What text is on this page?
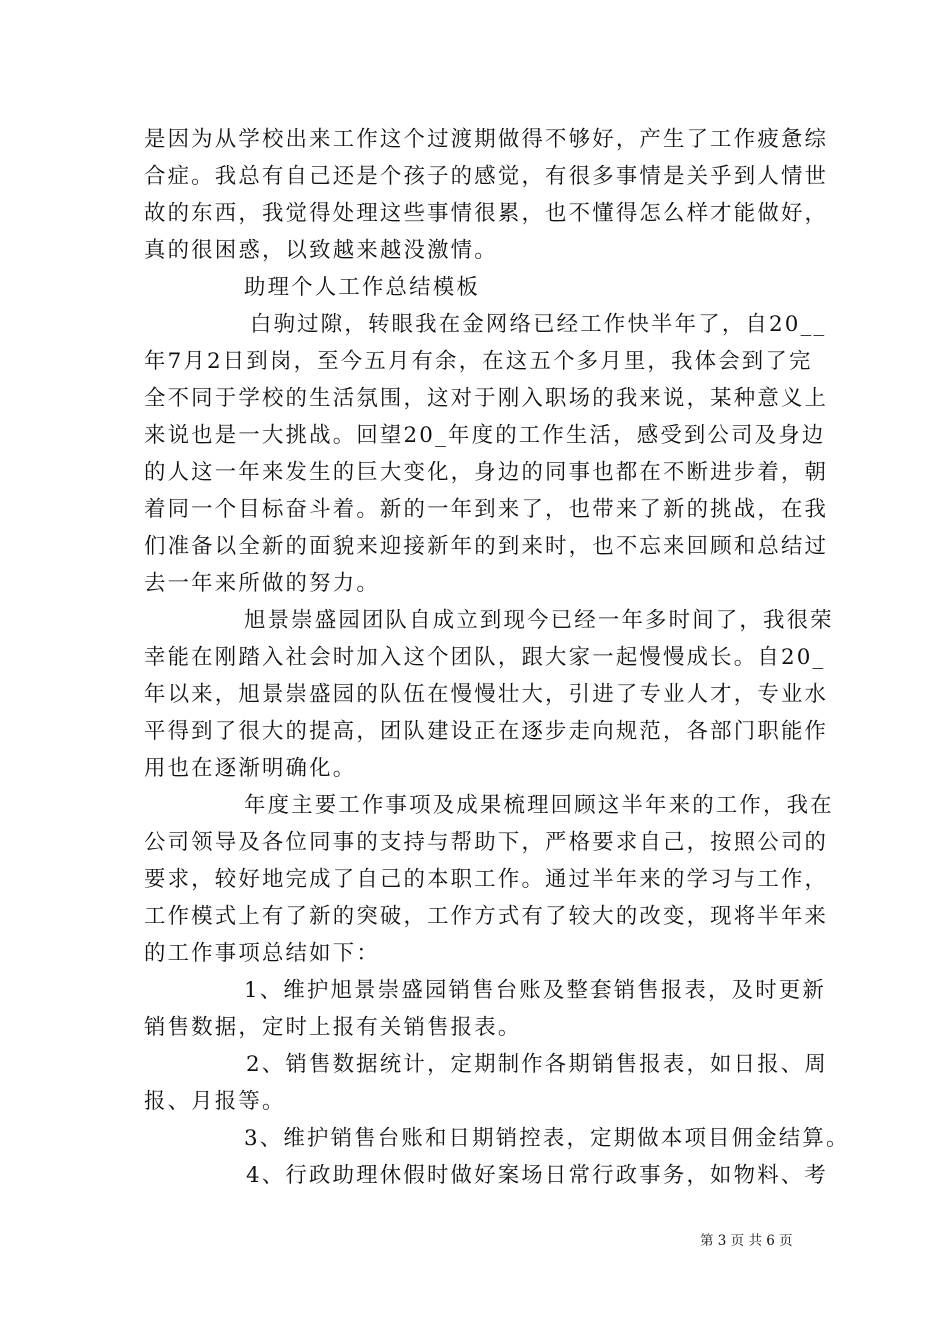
是因为从学校出来工作这个过渡期做得不够好，产生了工作疲惫综
合症。我总有自己还是个孩子的感觉，有很多事情是关乎到人情世
故的东西，我觉得处理这些事情很累，也不懂得怎么样才能做好，
真的很困惑，以致越来越没激情。
助理个人工作总结模板
白驹过隙，转眼我在金网络已经工作快半年了，自20__
年7月2日到岗，至今五月有余，在这五个多月里，我体会到了完
全不同于学校的生活氛围，这对于刚入职场的我来说，某种意义上
来说也是一大挑战。回望20_年度的工作生活，感受到公司及身边
的人这一年来发生的巨大变化，身边的同事也都在不断进步着，朝
着同一个目标奋斗着。新的一年到来了，也带来了新的挑战，在我
们准备以全新的面貌来迎接新年的到来时，也不忘来回顾和总结过
去一年来所做的努力。
旭景崇盛园团队自成立到现今已经一年多时间了，我很荣
幸能在刚踏入社会时加入这个团队，跟大家一起慢慢成长。自20_
年以来，旭景崇盛园的队伍在慢慢壮大，引进了专业人才，专业水
平得到了很大的提高，团队建设正在逐步走向规范，各部门职能作
用也在逐渐明确化。
年度主要工作事项及成果梳理回顾这半年来的工作，我在
公司领导及各位同事的支持与帮助下，严格要求自己，按照公司的
要求，较好地完成了自己的本职工作。通过半年来的学习与工作，
工作模式上有了新的突破，工作方式有了较大的改变，现将半年来
的工作事项总结如下：
1、维护旭景崇盛园销售台账及整套销售报表，及时更新
销售数据，定时上报有关销售报表。
2、销售数据统计，定期制作各期销售报表，如日报、周
报、月报等。
3、维护销售台账和日期销控表，定期做本项目佣金结算。
4、行政助理休假时做好案场日常行政事务，如物料、考
第 3 页 共 6 页
